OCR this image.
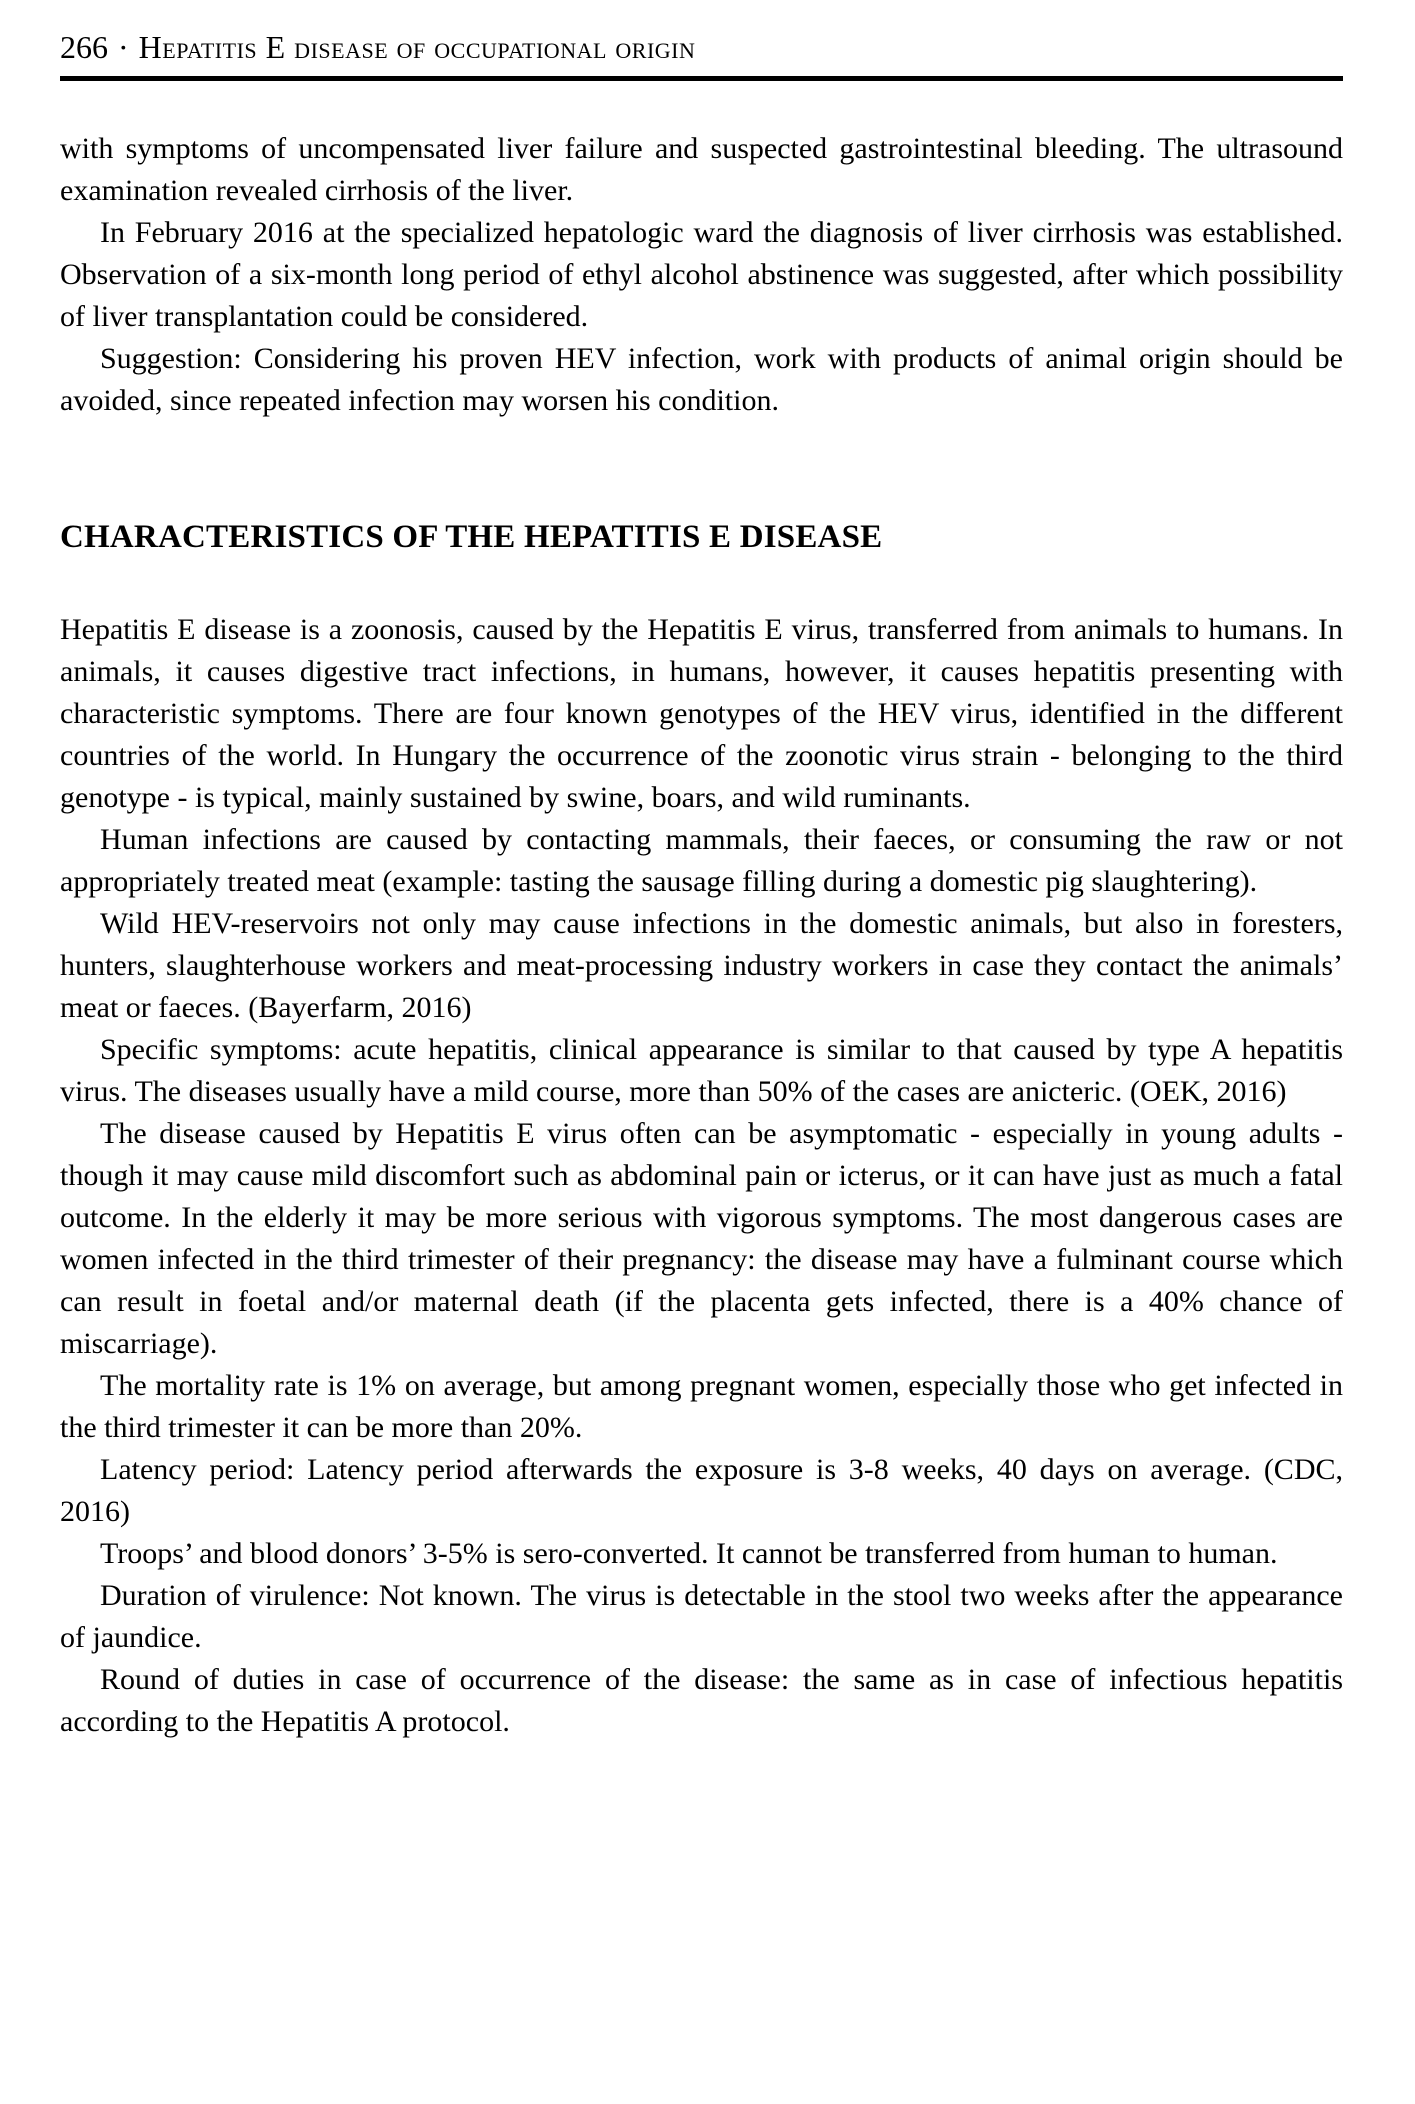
266 · Hepatitis E disease of occupational origin

with symptoms of uncompensated liver failure and suspected gastrointestinal bleeding. The ultrasound examination revealed cirrhosis of the liver.

In February 2016 at the specialized hepatologic ward the diagnosis of liver cirrhosis was established. Observation of a six-month long period of ethyl alcohol abstinence was suggested, after which possibility of liver transplantation could be considered.

Suggestion: Considering his proven HEV infection, work with products of animal origin should be avoided, since repeated infection may worsen his condition.

CHARACTERISTICS OF THE HEPATITIS E DISEASE

Hepatitis E disease is a zoonosis, caused by the Hepatitis E virus, transferred from animals to humans. In animals, it causes digestive tract infections, in humans, however, it causes hepatitis presenting with characteristic symptoms. There are four known genotypes of the HEV virus, identified in the different countries of the world. In Hungary the occurrence of the zoonotic virus strain - belonging to the third genotype - is typical, mainly sustained by swine, boars, and wild ruminants.

Human infections are caused by contacting mammals, their faeces, or consuming the raw or not appropriately treated meat (example: tasting the sausage filling during a domestic pig slaughtering).

Wild HEV-reservoirs not only may cause infections in the domestic animals, but also in foresters, hunters, slaughterhouse workers and meat-processing industry workers in case they contact the animals’ meat or faeces. (Bayerfarm, 2016)

Specific symptoms: acute hepatitis, clinical appearance is similar to that caused by type A hepatitis virus. The diseases usually have a mild course, more than 50% of the cases are anicteric. (OEK, 2016)

The disease caused by Hepatitis E virus often can be asymptomatic - especially in young adults - though it may cause mild discomfort such as abdominal pain or icterus, or it can have just as much a fatal outcome. In the elderly it may be more serious with vigorous symptoms. The most dangerous cases are women infected in the third trimester of their pregnancy: the disease may have a fulminant course which can result in foetal and/or maternal death (if the placenta gets infected, there is a 40% chance of miscarriage).

The mortality rate is 1% on average, but among pregnant women, especially those who get infected in the third trimester it can be more than 20%.

Latency period: Latency period afterwards the exposure is 3-8 weeks, 40 days on average. (CDC, 2016)

Troops’ and blood donors’ 3-5% is sero-converted. It cannot be transferred from human to human.

Duration of virulence: Not known. The virus is detectable in the stool two weeks after the appearance of jaundice.

Round of duties in case of occurrence of the disease: the same as in case of infectious hepatitis according to the Hepatitis A protocol.
